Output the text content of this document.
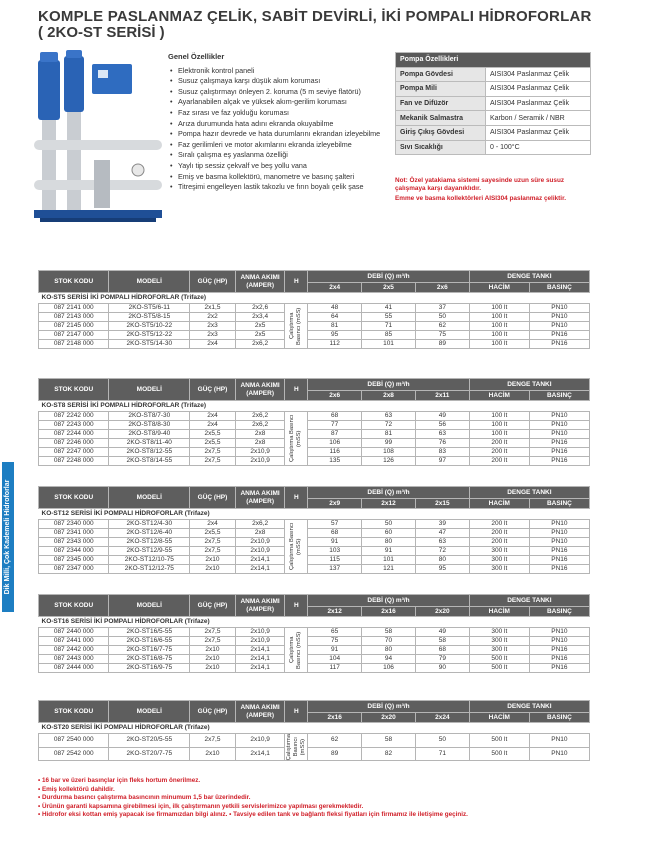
KOMPLE PASLANMAZ ÇELİK, SABİT DEVİRLİ, İKİ POMPALI HİDROFORLAR
( 2KO-ST SERİSİ )
Dik Milli, Çok Kademeli Hidroforlar
Genel Özellikler
• Elektronik kontrol paneli
• Susuz çalışmaya karşı düşük akım koruması
• Susuz çalıştırmayı önleyen 2. koruma (5 m seviye flatörü)
• Ayarlanabilen alçak ve yüksek akım-gerilim koruması
• Faz sırası ve faz yokluğu koruması
• Arıza durumunda hata adını ekranda okuyabilme
• Pompa hazır devrede ve hata durumlarını ekrandan izleyebilme
• Faz gerilimleri ve motor akımlarını ekranda izleyebilme
• Sıralı çalışma eş yaslanma özelliği
• Yaylı tip sessiz çekvalf ve beş yollu vana
• Emiş ve basma kollektörü, manometre ve basınç şalteri
• Titreşimi engelleyen lastik takozlu ve fırın boyalı çelik şase
Pompa Özellikleri	
Pompa Gövdesi	AISI304 Paslanmaz Çelik
Pompa Mili	AISI304 Paslanmaz Çelik
Fan ve Difüzör	AISI304 Paslanmaz Çelik
Mekanik Salmastra	Karbon / Seramik / NBR
Giriş Çıkış Gövdesi	AISI304 Paslanmaz Çelik
Sıvı Sıcaklığı	0 - 100°C
Not: Özel yatakiama sistemi sayesinde uzun süre susuz çalışmaya karşı dayanıklıdır.
Emme ve basma kollektörleri AISI304 paslanmaz çeliktir.
STOK KODU	MODELİ	GÜÇ (HP)	ANMA AKIMI (AMPER)	H	DEBİ (Q) m³/h			DENGE TANKI	
					2x4	2x5	2x6	HACİM	BASINÇ
KO-ST5 SERİSİ İKİ POMPALI HİDROFORLAR (Trifaze)									
087 2141 000	2KO-ST5/6-11	2x1,5	2x2,6	Çalıştırma Basıncı (mSS)	48	41	37	100 lt	PN10
087 2143 000	2KO-ST5/8-15	2x2	2x3,4		64	55	50	100 lt	PN10
087 2145 000	2KO-ST5/10-22	2x3	2x5		81	71	62	100 lt	PN10
087 2147 000	2KO-ST5/12-22	2x3	2x5		95	85	75	100 lt	PN16
087 2148 000	2KO-ST5/14-30	2x4	2x6,2		112	101	89	100 lt	PN16
STOK KODU	MODELİ	GÜÇ (HP)	ANMA AKIMI (AMPER)	H	DEBİ (Q) m³/h			DENGE TANKI	
					2x6	2x8	2x11	HACİM	BASINÇ
KO-ST8 SERİSİ İKİ POMPALI HİDROFORLAR (Trifaze)									
087 2242 000	2KO-ST8/7-30	2x4	2x6,2	Çalıştırma Basıncı (mSS)	68	63	49	100 lt	PN10
087 2243 000	2KO-ST8/8-30	2x4	2x6,2		77	72	56	100 lt	PN10
087 2244 000	2KO-ST8/9-40	2x5,5	2x8		87	81	63	100 lt	PN10
087 2246 000	2KO-ST8/11-40	2x5,5	2x8		106	99	76	200 lt	PN16
087 2247 000	2KO-ST8/12-55	2x7,5	2x10,9		116	108	83	200 lt	PN16
087 2248 000	2KO-ST8/14-55	2x7,5	2x10,9		135	126	97	200 lt	PN16
STOK KODU	MODELİ	GÜÇ (HP)	ANMA AKIMI (AMPER)	H	DEBİ (Q) m³/h			DENGE TANKI	
					2x9	2x12	2x15	HACİM	BASINÇ
KO-ST12 SERİSİ İKİ POMPALI HİDROFORLAR (Trifaze)									
087 2340 000	2KO-ST12/4-30	2x4	2x6,2	Çalıştırma Basıncı (mSS)	57	50	39	200 lt	PN10
087 2341 000	2KO-ST12/6-40	2x5,5	2x8		68	60	47	200 lt	PN10
087 2343 000	2KO-ST12/8-55	2x7,5	2x10,9		91	80	63	200 lt	PN10
087 2344 000	2KO-ST12/9-55	2x7,5	2x10,9		103	91	72	300 lt	PN16
087 2345 000	2KO-ST12/10-75	2x10	2x14,1		115	101	80	300 lt	PN16
087 2347 000	2KO-ST12/12-75	2x10	2x14,1		137	121	95	300 lt	PN16
STOK KODU	MODELİ	GÜÇ (HP)	ANMA AKIMI (AMPER)	H	DEBİ (Q) m³/h			DENGE TANKI	
					2x12	2x16	2x20	HACİM	BASINÇ
KO-ST16 SERİSİ İKİ POMPALI HİDROFORLAR (Trifaze)									
087 2440 000	2KO-ST16/5-55	2x7,5	2x10,9	Çalıştırma Basıncı (mSS)	65	58	49	300 lt	PN10
087 2441 000	2KO-ST16/6-55	2x7,5	2x10,9		75	70	58	300 lt	PN10
087 2442 000	2KO-ST16/7-75	2x10	2x14,1		91	80	68	300 lt	PN16
087 2443 000	2KO-ST16/8-75	2x10	2x14,1		104	94	79	500 lt	PN16
087 2444 000	2KO-ST16/9-75	2x10	2x14,1		117	106	90	500 lt	PN16
STOK KODU	MODELİ	GÜÇ (HP)	ANMA AKIMI (AMPER)	H	DEBİ (Q) m³/h			DENGE TANKI	
					2x16	2x20	2x24	HACİM	BASINÇ
KO-ST20 SERİSİ İKİ POMPALI HİDROFORLAR (Trifaze)									
087 2540 000	2KO-ST20/5-55	2x7,5	2x10,9	Çalıştırma Basıncı (mSS)	62	58	50	500 lt	PN10
087 2542 000	2KO-ST20/7-75	2x10	2x14,1		89	82	71	500 lt	PN10
• 16 bar ve üzeri basınçlar için fleks hortum önerilmez.
• Emiş kollektörü dahildir.
• Durdurma basıncı çalıştırma basıncının minumum 1,5 bar üzerindedir.
• Ürünün garanti kapsamına girebilmesi için, ilk çalıştırmanın yetkili servislerimizce yapılması gerekmektedir.
• Hidrofor eksi kottan emiş yapacak ise firmamızdan bilgi alınız. • Tavsiye edilen tank ve bağlantı fleksi fiyatları için firmamız ile iletişime geçiniz.
